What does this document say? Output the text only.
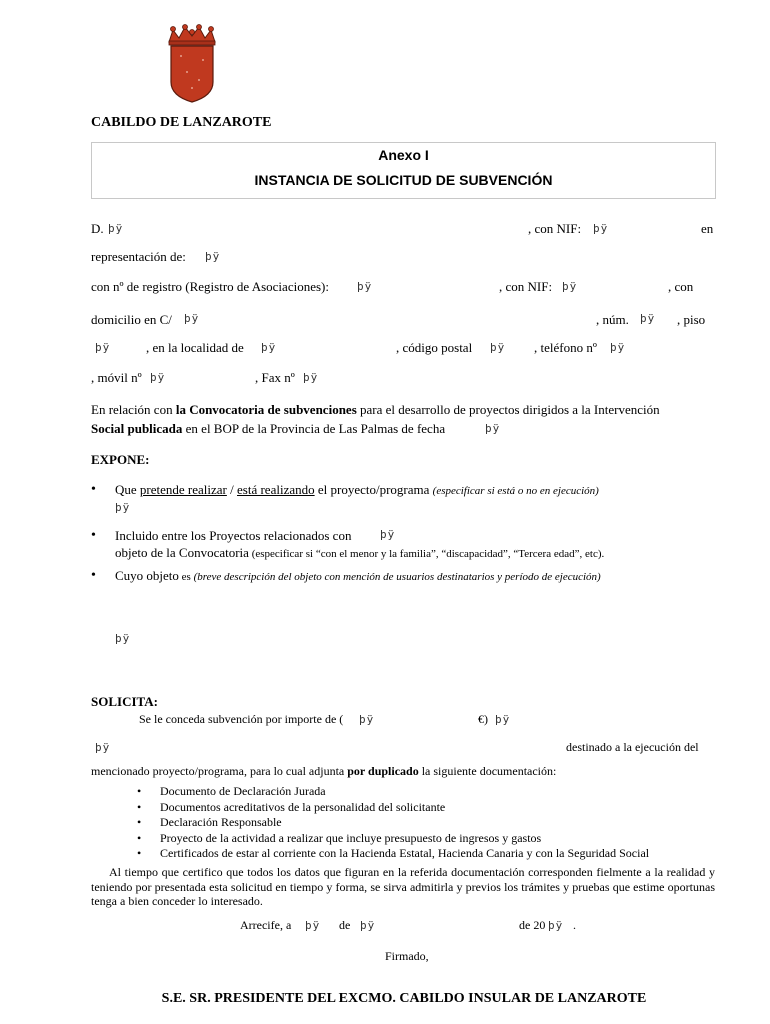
CABILDO DE LANZAROTE
Anexo I
INSTANCIA DE SOLICITUD DE SUBVENCIÓN
D. þÿ	, con NIF: þÿ	en
representación de: þÿ
con nº de registro (Registro de Asociaciones):	þÿ	, con NIF: þÿ	, con
domicilio en C/ þÿ	, núm. þÿ , piso
þÿ	, en la localidad de þÿ	, código postal þÿ , teléfono nº þÿ
, móvil nº þÿ	, Fax nº þÿ
En relación con la Convocatoria de subvenciones para el desarrollo de proyectos dirigidos a la Intervención
Social publicada en el BOP de la Provincia de Las Palmas de fecha	þÿ
EXPONE:
• Que pretende realizar / está realizando el proyecto/programa (especificar si está o no en ejecución)
þÿ
• Incluido entre los Proyectos relacionados con	þÿ
objeto de la Convocatoria (especificar si “con el menor y la familia”, “discapacidad”, “Tercera edad”, etc).
• Cuyo objeto es (breve descripción del objeto con mención de usuarios destinatarios y período de ejecución)
þÿ
SOLICITA:
Se le conceda subvención por importe de ( þÿ	€) þÿ
þÿ	destinado a la ejecución del
mencionado proyecto/programa, para lo cual adjunta por duplicado la siguiente documentación:
• Documento de Declaración Jurada
• Documentos acreditativos de la personalidad del solicitante
• Declaración Responsable
• Proyecto de la actividad a realizar que incluye presupuesto de ingresos y gastos
• Certificados de estar al corriente con la Hacienda Estatal, Hacienda Canaria y con la Seguridad Social
Al tiempo que certifico que todos los datos que figuran en la referida documentación corresponden fielmente a la realidad y teniendo por presentada esta solicitud en tiempo y forma, se sirva admitirla y previos los trámites y pruebas que estime oportunas tenga a bien conceder lo interesado.
Arrecife, a þÿ de þÿ	de 20 þÿ .
Firmado,
S.E. SR. PRESIDENTE DEL EXCMO. CABILDO INSULAR DE LANZAROTE
